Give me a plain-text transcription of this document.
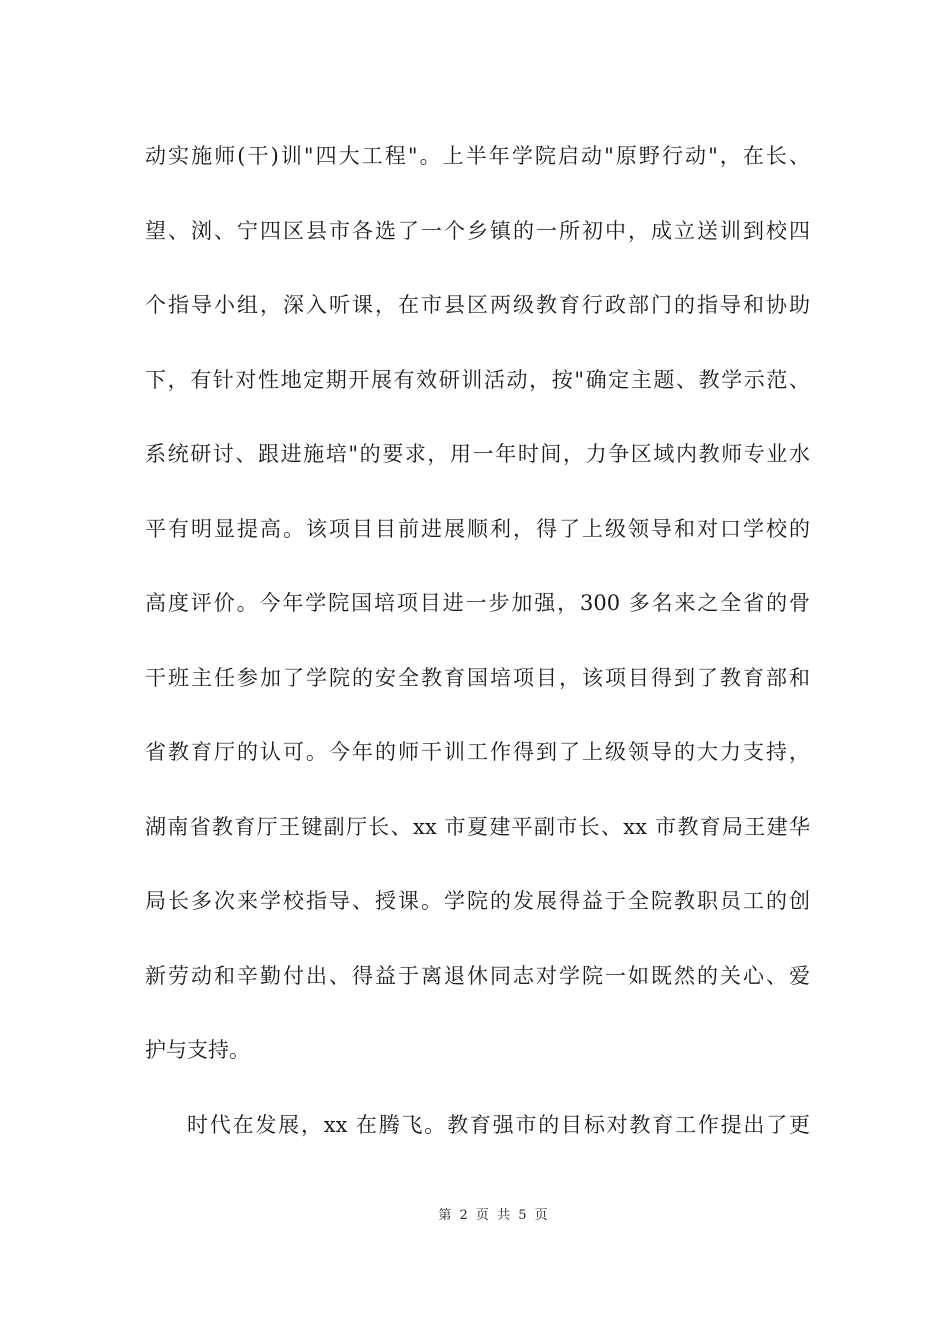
动实施师(干)训"四大工程"。上半年学院启动"原野行动"，在长、
望、浏、宁四区县市各选了一个乡镇的一所初中，成立送训到校四
个指导小组，深入听课，在市县区两级教育行政部门的指导和协助
下，有针对性地定期开展有效研训活动，按"确定主题、教学示范、
系统研讨、跟进施培"的要求，用一年时间，力争区域内教师专业水
平有明显提高。该项目目前进展顺利，得了上级领导和对口学校的
高度评价。今年学院国培项目进一步加强，300 多名来之全省的骨
干班主任参加了学院的安全教育国培项目，该项目得到了教育部和
省教育厅的认可。今年的师干训工作得到了上级领导的大力支持，
湖南省教育厅王键副厅长、xx 市夏建平副市长、xx 市教育局王建华
局长多次来学校指导、授课。学院的发展得益于全院教职员工的创
新劳动和辛勤付出、得益于离退休同志对学院一如既然的关心、爱
护与支持。
时代在发展，xx 在腾飞。教育强市的目标对教育工作提出了更
第 2 页 共 5 页
